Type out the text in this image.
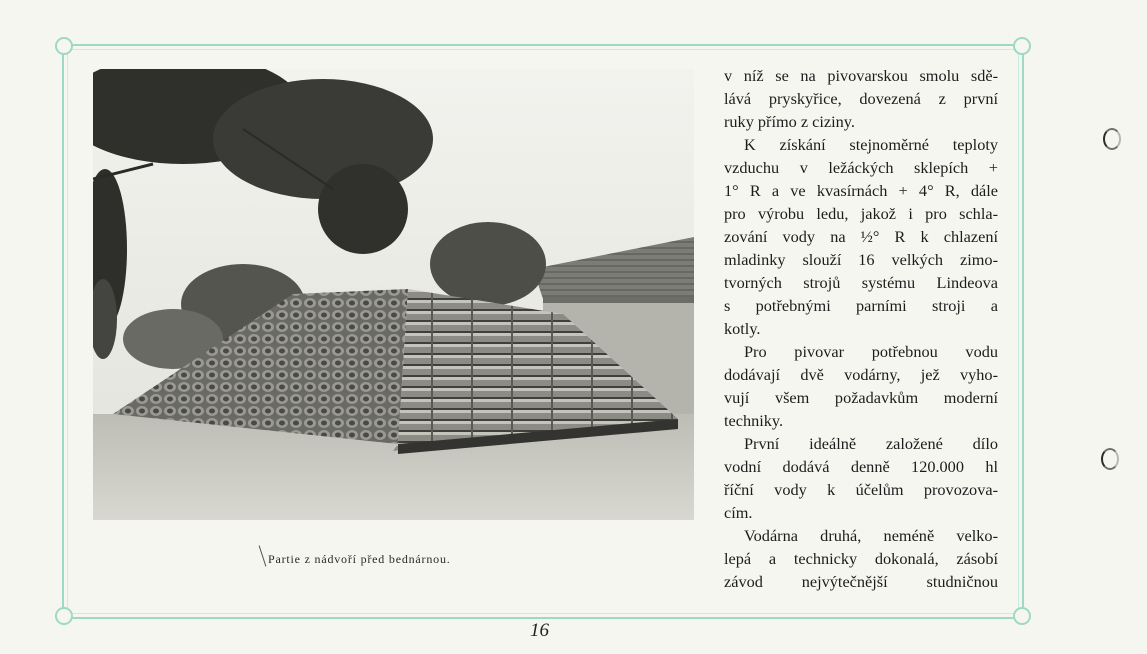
Partie z nádvoří před bednárnou.
v níž se na pivovarskou smolu sdě-
lává pryskyřice, dovezená z první
ruky přímo z ciziny.
K získání stejnoměrné teploty
vzduchu v ležáckých sklepích +
1° R a ve kvasírnách + 4° R, dále
pro výrobu ledu, jakož i pro schla-
zování vody na ½° R k chlazení
mladinky slouží 16 velkých zimo-
tvorných strojů systému Lindeova
s potřebnými parními stroji a
kotly.
Pro pivovar potřebnou vodu
dodávají dvě vodárny, jež vyho-
vují všem požadavkům moderní
techniky.
První ideálně založené dílo
vodní dodává denně 120.000 hl
říční vody k účelům provozova-
cím.
Vodárna druhá, neméně velko-
lepá a technicky dokonalá, zásobí
závod nejvýtečnější studničnou
16
